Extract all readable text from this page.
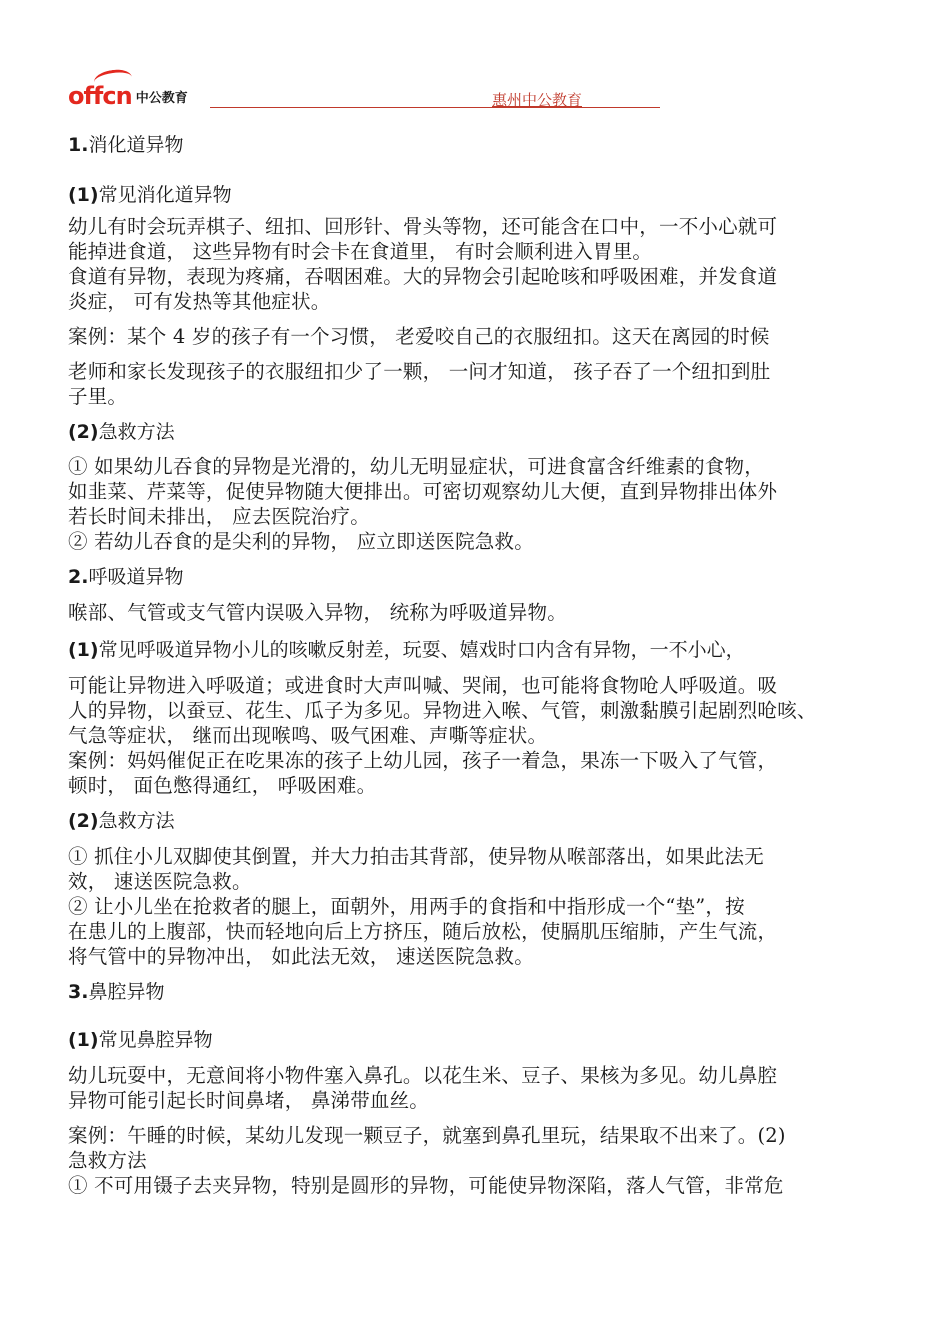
offcn 中公教育	惠州中公教育
1.消化道异物
(1)常见消化道异物
幼儿有时会玩弄棋子、纽扣、回形针、骨头等物，还可能含在口中，一不小心就可
能掉进食道， 这些异物有时会卡在食道里， 有时会顺利进入胃里。
食道有异物，表现为疼痛，吞咽困难。大的异物会引起呛咳和呼吸困难，并发食道
炎症， 可有发热等其他症状。
案例：某个 4 岁的孩子有一个习惯， 老爱咬自己的衣服纽扣。这天在离园的时候
老师和家长发现孩子的衣服纽扣少了一颗， 一问才知道， 孩子吞了一个纽扣到肚
子里。
(2)急救方法
① 如果幼儿吞食的异物是光滑的，幼儿无明显症状，可进食富含纤维素的食物，
如韭菜、芹菜等，促使异物随大便排出。可密切观察幼儿大便，直到异物排出体外
若长时间未排出， 应去医院治疗。
② 若幼儿吞食的是尖利的异物， 应立即送医院急救。
2.呼吸道异物
喉部、气管或支气管内误吸入异物， 统称为呼吸道异物。
(1)常见呼吸道异物小儿的咳嗽反射差，玩耍、嬉戏时口内含有异物，一不小心，
可能让异物进入呼吸道；或进食时大声叫喊、哭闹，也可能将食物呛人呼吸道。吸
人的异物，以蚕豆、花生、瓜子为多见。异物进入喉、气管，刺激黏膜引起剧烈呛咳、
气急等症状， 继而出现喉鸣、吸气困难、声嘶等症状。
案例：妈妈催促正在吃果冻的孩子上幼儿园，孩子一着急，果冻一下吸入了气管，
顿时， 面色憋得通红， 呼吸困难。
(2)急救方法
① 抓住小儿双脚使其倒置，并大力拍击其背部，使异物从喉部落出，如果此法无
效， 速送医院急救。
② 让小儿坐在抢救者的腿上，面朝外，用两手的食指和中指形成一个“垫”，按
在患儿的上腹部，快而轻地向后上方挤压，随后放松，使膈肌压缩肺，产生气流，
将气管中的异物冲出， 如此法无效， 速送医院急救。
3.鼻腔异物
(1)常见鼻腔异物
幼儿玩耍中，无意间将小物件塞入鼻孔。以花生米、豆子、果核为多见。幼儿鼻腔
异物可能引起长时间鼻堵， 鼻涕带血丝。
案例：午睡的时候，某幼儿发现一颗豆子，就塞到鼻孔里玩，结果取不出来了。(2)
急救方法
① 不可用镊子去夹异物，特别是圆形的异物，可能使异物深陷，落人气管，非常危
